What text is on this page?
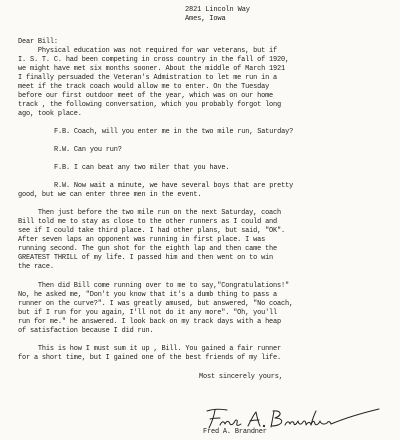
2821 Lincoln Way
Ames, Iowa
Dear Bill:
Physical education was not required for war veterans, but if
I. S. T. C. had been competing in cross country in the fall of 1920,
we might have met six months sooner. About the middle of March 1921
I finally persuaded the Veteran's Admistration to let me run in a
meet if the track coach would allow me to enter. On the Tuesday
before our first outdoor meet of the year, which was on our home
track , the following conversation, which you probably forgot long
ago, took place.
F.B. Coach, will you enter me in the two mile run, Saturday?
R.W. Can you run?
F.B. I can beat any two miler that you have.
R.W. Now wait a minute, we have several boys that are pretty
good, but we can enter three men in the event.
Then just before the two mile run on the next Saturday, coach
Bill told me to stay as close to the other runners as I could and
see if I could take third place. I had other plans, but said, "OK".
After seven laps an opponent was running in first place. I was
running second. The gun shot for the eighth lap and then came the
GREATEST THRILL of my life. I passed him and then went on to win
the race.
Then did Bill come running over to me to say,"Congratulations!"
No, he asked me, "Don't you know that it's a dumb thing to pass a
runner on the curve?". I was greatly amused, but answered, "No coach,
but if I run for you again, I'll not do it any more". "Oh, you'll
run for me." he answered. I look back on my track days with a heap
of satisfaction because I did run.
This is how I must sum it up , Bill. You gained a fair runner
for a short time, but I gained one of the best friends of my life.
Most sincerely yours,
Fred A. Brandner
